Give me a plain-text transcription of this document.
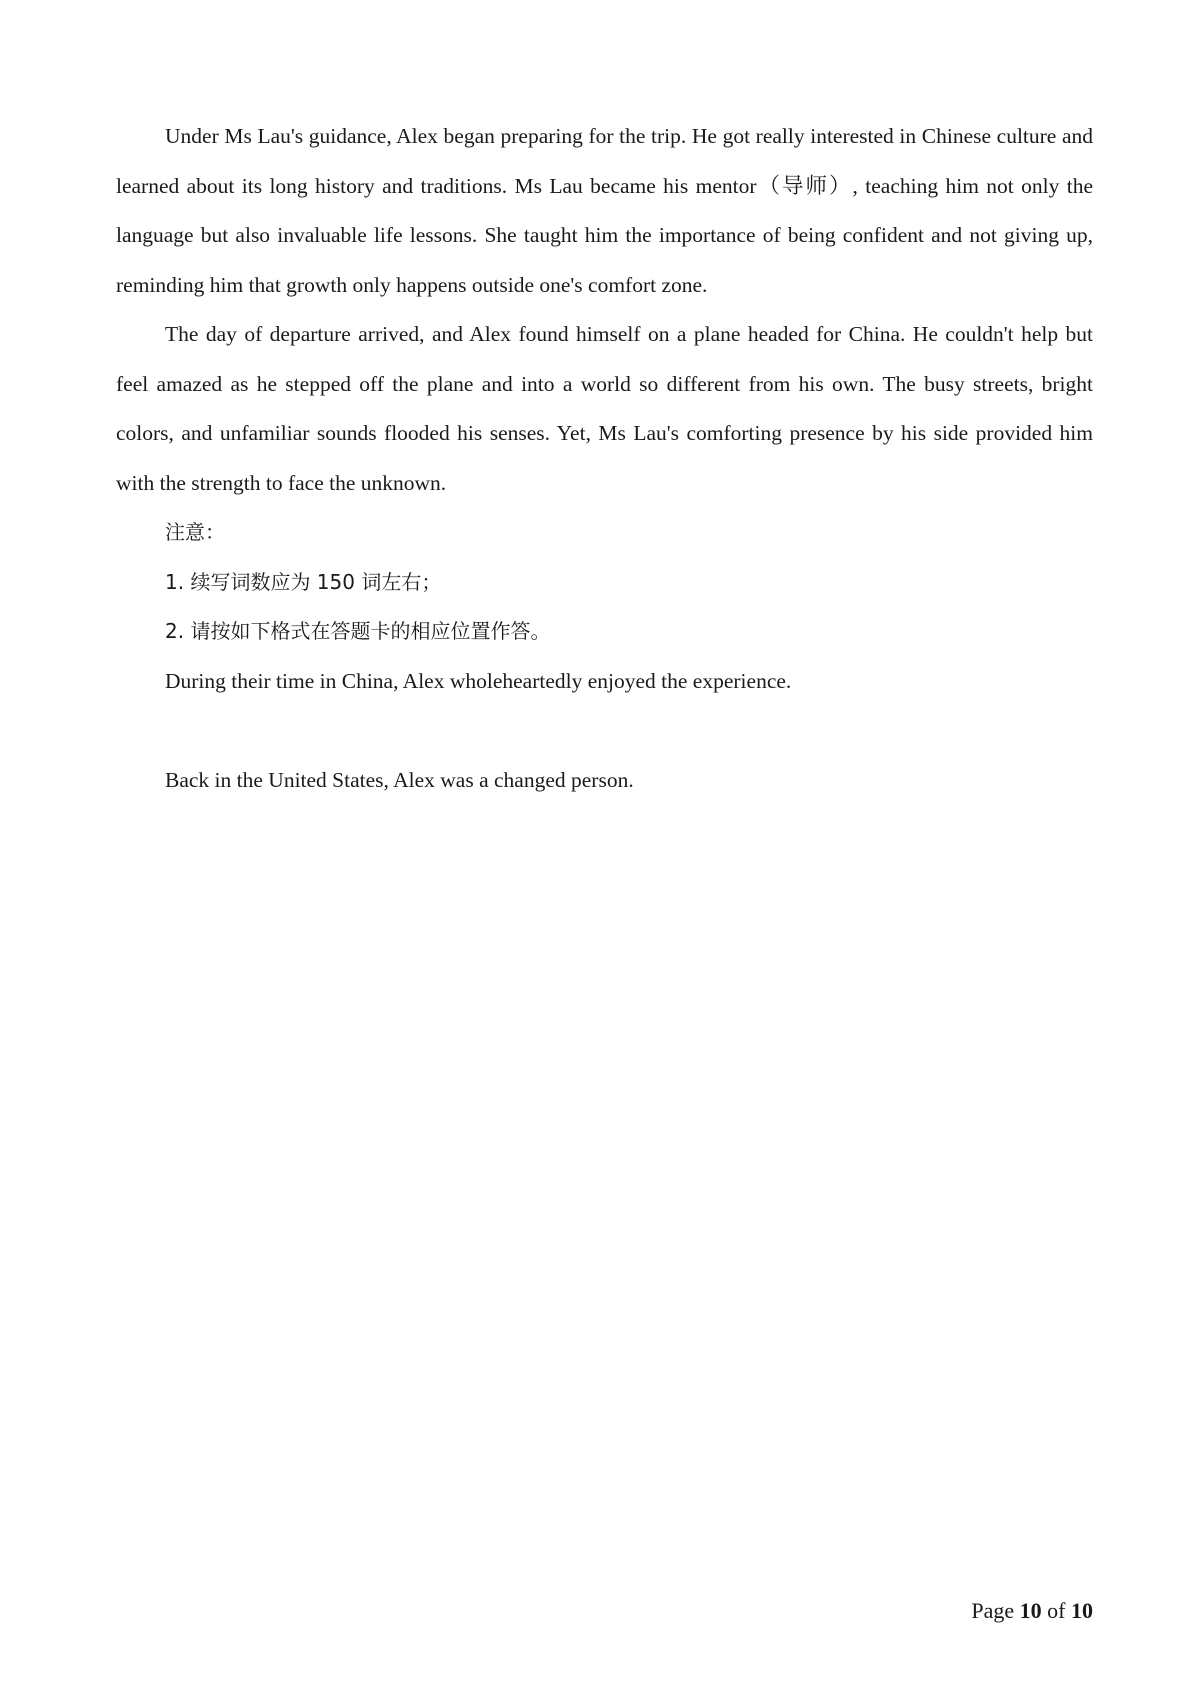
Under Ms Lau's guidance, Alex began preparing for the trip. He got really interested in Chinese culture and learned about its long history and traditions. Ms Lau became his mentor（导师）, teaching him not only the language but also invaluable life lessons. She taught him the importance of being confident and not giving up, reminding him that growth only happens outside one's comfort zone.

The day of departure arrived, and Alex found himself on a plane headed for China. He couldn't help but feel amazed as he stepped off the plane and into a world so different from his own. The busy streets, bright colors, and unfamiliar sounds flooded his senses. Yet, Ms Lau's comforting presence by his side provided him with the strength to face the unknown.

注意：

1. 续写词数应为 150 词左右；

2. 请按如下格式在答题卡的相应位置作答。

During their time in China, Alex wholeheartedly enjoyed the experience.

Back in the United States, Alex was a changed person.

Page 10 of 10
